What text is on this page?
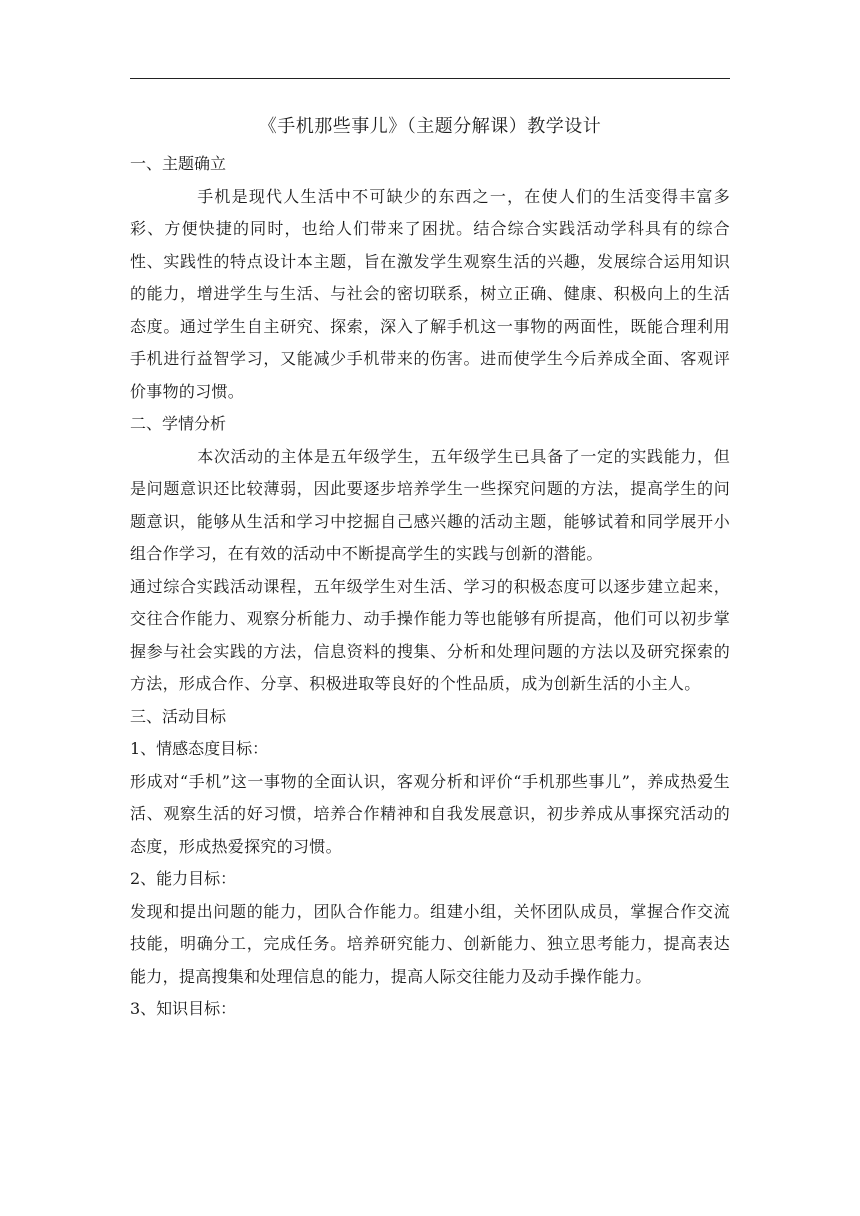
《手机那些事儿》（主题分解课）教学设计
一、主题确立

手机是现代人生活中不可缺少的东西之一，在使人们的生活变得丰富多彩、方便快捷的同时，也给人们带来了困扰。结合综合实践活动学科具有的综合性、实践性的特点设计本主题，旨在激发学生观察生活的兴趣，发展综合运用知识的能力，增进学生与生活、与社会的密切联系，树立正确、健康、积极向上的生活态度。通过学生自主研究、探索，深入了解手机这一事物的两面性，既能合理利用手机进行益智学习，又能减少手机带来的伤害。进而使学生今后养成全面、客观评价事物的习惯。

二、学情分析

本次活动的主体是五年级学生，五年级学生已具备了一定的实践能力，但是问题意识还比较薄弱，因此要逐步培养学生一些探究问题的方法，提高学生的问题意识，能够从生活和学习中挖掘自己感兴趣的活动主题，能够试着和同学展开小组合作学习，在有效的活动中不断提高学生的实践与创新的潜能。

通过综合实践活动课程，五年级学生对生活、学习的积极态度可以逐步建立起来，交往合作能力、观察分析能力、动手操作能力等也能够有所提高，他们可以初步掌握参与社会实践的方法，信息资料的搜集、分析和处理问题的方法以及研究探索的方法，形成合作、分享、积极进取等良好的个性品质，成为创新生活的小主人。

三、活动目标
1、情感态度目标：

形成对“手机”这一事物的全面认识，客观分析和评价“手机那些事儿”，养成热爱生活、观察生活的好习惯，培养合作精神和自我发展意识，初步养成从事探究活动的态度，形成热爱探究的习惯。

2、能力目标：

发现和提出问题的能力，团队合作能力。组建小组，关怀团队成员，掌握合作交流技能，明确分工，完成任务。培养研究能力、创新能力、独立思考能力，提高表达能力，提高搜集和处理信息的能力，提高人际交往能力及动手操作能力。

3、知识目标：
